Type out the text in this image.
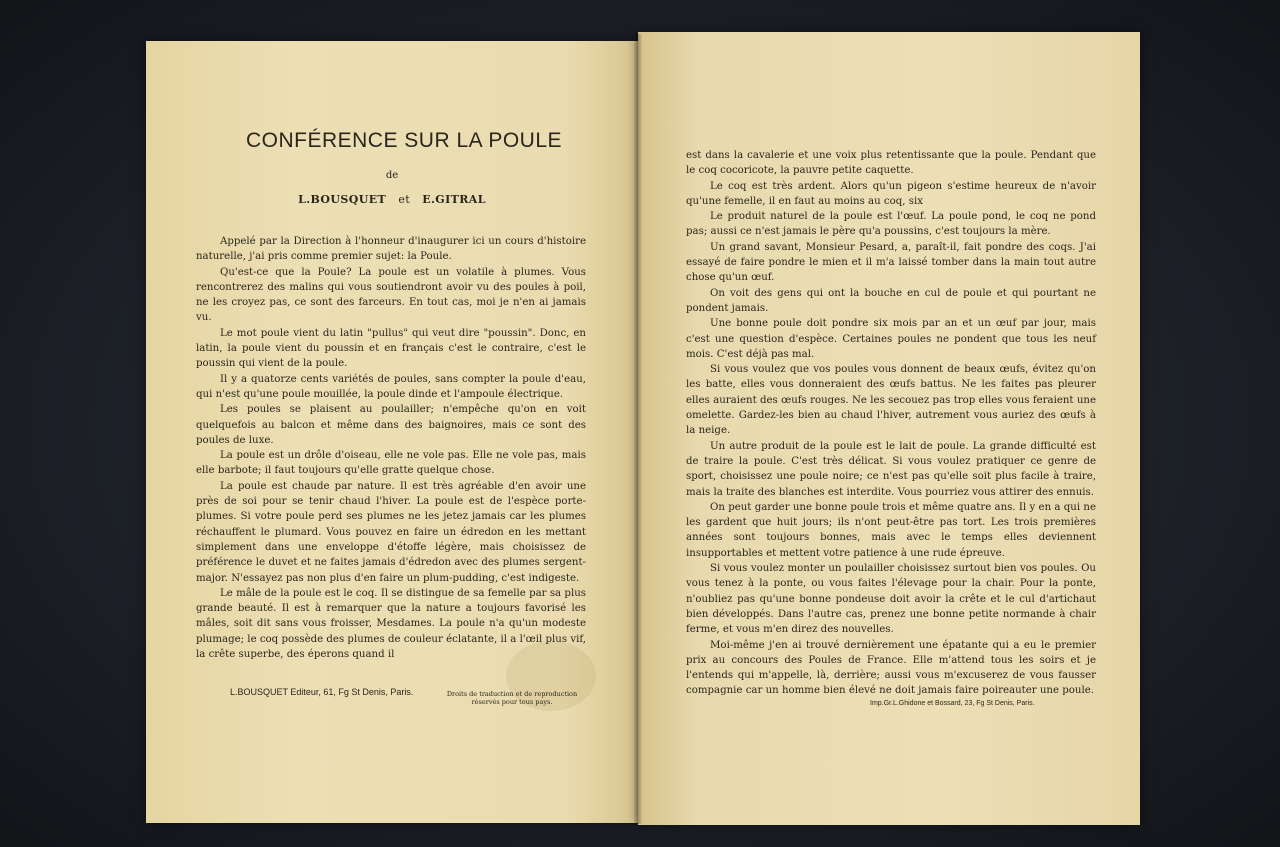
CONFÉRENCE SUR LA POULE
de
L.BOUSQUET et E.GITRAL

Appelé par la Direction à l'honneur d'inaugurer ici un cours d'histoire naturelle, j'ai pris comme premier sujet: la Poule.

Qu'est-ce que la Poule? La poule est un volatile à plumes. Vous rencontrerez des malins qui vous soutiendront avoir vu des poules à poil, ne les croyez pas, ce sont des farceurs. En tout cas, moi je n'en ai jamais vu.

Le mot poule vient du latin "pullus" qui veut dire "poussin". Donc, en latin, la poule vient du poussin et en français c'est le contraire, c'est le poussin qui vient de la poule.

Il y a quatorze cents variétés de poules, sans compter la poule d'eau, qui n'est qu'une poule mouillée, la poule dinde et l'ampoule électrique.

Les poules se plaisent au poulailler; n'empêche qu'on en voit quelquefois au balcon et même dans des baignoires, mais ce sont des poules de luxe.

La poule est un drôle d'oiseau, elle ne vole pas. Elle ne vole pas, mais elle barbote; il faut toujours qu'elle gratte quelque chose.

La poule est chaude par nature. Il est très agréable d'en avoir une près de soi pour se tenir chaud l'hiver. La poule est de l'espèce porte-plumes. Si votre poule perd ses plumes ne les jetez jamais car les plumes réchauffent le plumard. Vous pouvez en faire un édredon en les mettant simplement dans une enveloppe d'étoffe légère, mais choisissez de préférence le duvet et ne faites jamais d'édredon avec des plumes sergent-major. N'essayez pas non plus d'en faire un plum-pudding, c'est indigeste.

Le mâle de la poule est le coq. Il se distingue de sa femelle par sa plus grande beauté. Il est à remarquer que la nature a toujours favorisé les mâles, soit dit sans vous froisser, Mesdames. La poule n'a qu'un modeste plumage; le coq possède des plumes de couleur éclatante, il a l'œil plus vif, la crête superbe, des éperons quand il

L.BOUSQUET Editeur, 61, Fg St Denis, Paris.	Droits de traduction et de reproduction réservés pour tous pays.

est dans la cavalerie et une voix plus retentissante que la poule. Pendant que le coq cocoricote, la pauvre petite caquette.

Le coq est très ardent. Alors qu'un pigeon s'estime heureux de n'avoir qu'une femelle, il en faut au moins au coq, six

Le produit naturel de la poule est l'œuf. La poule pond, le coq ne pond pas; aussi ce n'est jamais le père qu'a poussins, c'est toujours la mère.

Un grand savant, Monsieur Pesard, a, paraît-il, fait pondre des coqs. J'ai essayé de faire pondre le mien et il m'a laissé tomber dans la main tout autre chose qu'un œuf.

On voit des gens qui ont la bouche en cul de poule et qui pourtant ne pondent jamais.

Une bonne poule doit pondre six mois par an et un œuf par jour, mais c'est une question d'espèce. Certaines poules ne pondent que tous les neuf mois. C'est déjà pas mal.

Si vous voulez que vos poules vous donnent de beaux œufs, évitez qu'on les batte, elles vous donneraient des œufs battus. Ne les faites pas pleurer elles auraient des œufs rouges. Ne les secouez pas trop elles vous feraient une omelette. Gardez-les bien au chaud l'hiver, autrement vous auriez des œufs à la neige.

Un autre produit de la poule est le lait de poule. La grande difficulté est de traire la poule. C'est très délicat. Si vous voulez pratiquer ce genre de sport, choisissez une poule noire; ce n'est pas qu'elle soit plus facile à traire, mais la traite des blanches est interdite. Vous pourriez vous attirer des ennuis.

On peut garder une bonne poule trois et même quatre ans. Il y en a qui ne les gardent que huit jours; ils n'ont peut-être pas tort. Les trois premières années sont toujours bonnes, mais avec le temps elles deviennent insupportables et mettent votre patience à une rude épreuve.

Si vous voulez monter un poulailler choisissez surtout bien vos poules. Ou vous tenez à la ponte, ou vous faites l'élevage pour la chair. Pour la ponte, n'oubliez pas qu'une bonne pondeuse doit avoir la crête et le cul d'artichaut bien développés. Dans l'autre cas, prenez une bonne petite normande à chair ferme, et vous m'en direz des nouvelles.

Moi-même j'en ai trouvé dernièrement une épatante qui a eu le premier prix au concours des Poules de France. Elle m'attend tous les soirs et je l'entends qui m'appelle, là, derrière; aussi vous m'excuserez de vous fausser compagnie car un homme bien élevé ne doit jamais faire poireauter une poule.

Imp.Gr.L.Ghidone et Bossard, 23, Fg St Denis, Paris.
